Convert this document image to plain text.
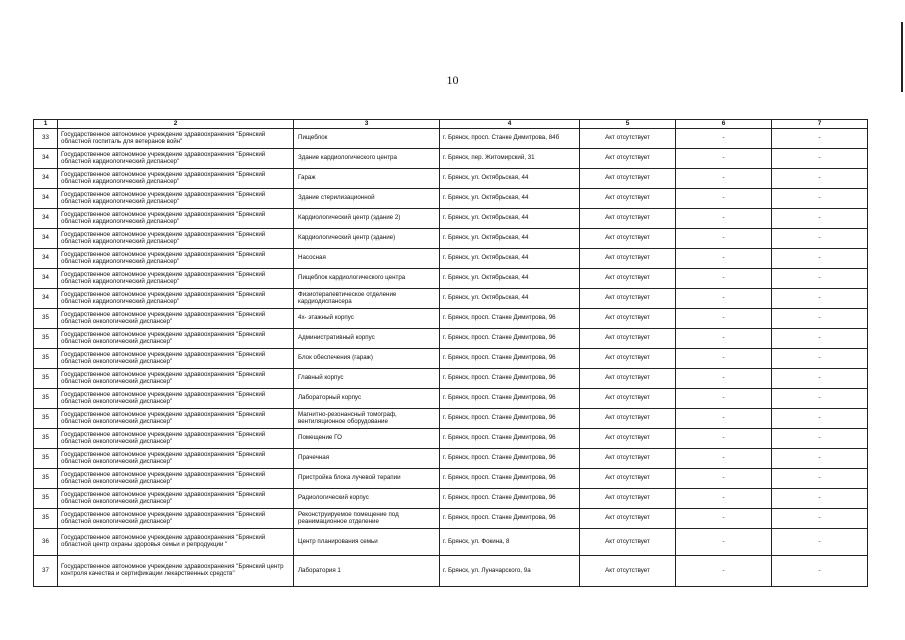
10
1	2	3	4	5	6	7
33	Государственное автономное учреждение здравоохранения "Брянский областной госпиталь для ветеранов войн"	Пищеблок	г. Брянск, просп. Станке Димитрова, 84б	Акт отсутствует	-	-
34	Государственное автономное учреждение здравоохранения "Брянский областной кардиологический диспансер"	Здание кардиологического центра	г. Брянск, пер. Житомирский, 31	Акт отсутствует	-	-
34	Государственное автономное учреждение здравоохранения "Брянский областной кардиологический диспансер"	Гараж	г. Брянск, ул. Октябрьская, 44	Акт отсутствует	-	-
34	Государственное автономное учреждение здравоохранения "Брянский областной кардиологический диспансер"	Здание стерилизационной	г. Брянск, ул. Октябрьская, 44	Акт отсутствует	-	-
34	Государственное автономное учреждение здравоохранения "Брянский областной кардиологический диспансер"	Кардиологический центр (здание 2)	г. Брянск, ул. Октябрьская, 44	Акт отсутствует	-	-
34	Государственное автономное учреждение здравоохранения "Брянский областной кардиологический диспансер"	Кардиологический центр (здание)	г. Брянск, ул. Октябрьская, 44	Акт отсутствует	-	-
34	Государственное автономное учреждение здравоохранения "Брянский областной кардиологический диспансер"	Насосная	г. Брянск, ул. Октябрьская, 44	Акт отсутствует	-	-
34	Государственное автономное учреждение здравоохранения "Брянский областной кардиологический диспансер"	Пищеблок кардиологического центра	г. Брянск, ул. Октябрьская, 44	Акт отсутствует	-	-
34	Государственное автономное учреждение здравоохранения "Брянский областной кардиологический диспансер"	Физиотерапевтическое отделение кардиодиспансера	г. Брянск, ул. Октябрьская, 44	Акт отсутствует	-	-
35	Государственное автономное учреждение здравоохранения "Брянский областной онкологический диспансер"	4х- этажный корпус	г. Брянск, просп. Станке Димитрова, 96	Акт отсутствует	-	-
35	Государственное автономное учреждение здравоохранения "Брянский областной онкологический диспансер"	Административный корпус	г. Брянск, просп. Станке Димитрова, 96	Акт отсутствует	-	-
35	Государственное автономное учреждение здравоохранения "Брянский областной онкологический диспансер"	Блок обеспечения (гараж)	г. Брянск, просп. Станке Димитрова, 96	Акт отсутствует	-	-
35	Государственное автономное учреждение здравоохранения "Брянский областной онкологический диспансер"	Главный корпус	г. Брянск, просп. Станке Димитрова, 96	Акт отсутствует	-	-
35	Государственное автономное учреждение здравоохранения "Брянский областной онкологический диспансер"	Лабораторный корпус	г. Брянск, просп. Станке Димитрова, 96	Акт отсутствует	-	-
35	Государственное автономное учреждение здравоохранения "Брянский областной онкологический диспансер"	Магнитно-резонансный томограф, вентиляционное оборудование	г. Брянск, просп. Станке Димитрова, 96	Акт отсутствует	-	-
35	Государственное автономное учреждение здравоохранения "Брянский областной онкологический диспансер"	Помещение ГО	г. Брянск, просп. Станке Димитрова, 96	Акт отсутствует	-	-
35	Государственное автономное учреждение здравоохранения "Брянский областной онкологический диспансер"	Прачечная	г. Брянск, просп. Станке Димитрова, 96	Акт отсутствует	-	-
35	Государственное автономное учреждение здравоохранения "Брянский областной онкологический диспансер"	Пристройка блока лучевой терапии	г. Брянск, просп. Станке Димитрова, 96	Акт отсутствует	-	-
35	Государственное автономное учреждение здравоохранения "Брянский областной онкологический диспансер"	Радиологический корпус	г. Брянск, просп. Станке Димитрова, 96	Акт отсутствует	-	-
35	Государственное автономное учреждение здравоохранения "Брянский областной онкологический диспансер"	Реконструируемое помещение под реанимационное отделение	г. Брянск, просп. Станке Димитрова, 96	Акт отсутствует	-	-
36	Государственное автономное учреждение здравоохранения "Брянский областной центр охраны здоровья семьи и репродукции "	Центр планирования семьи	г. Брянск, ул. Фокина, 8	Акт отсутствует	-	-
37	Государственное автономное учреждение здравоохранения "Брянский центр контроля качества и сертификации лекарственных средств"	Лаборатория 1	г. Брянск, ул. Луначарского, 9а	Акт отсутствует	-	-
